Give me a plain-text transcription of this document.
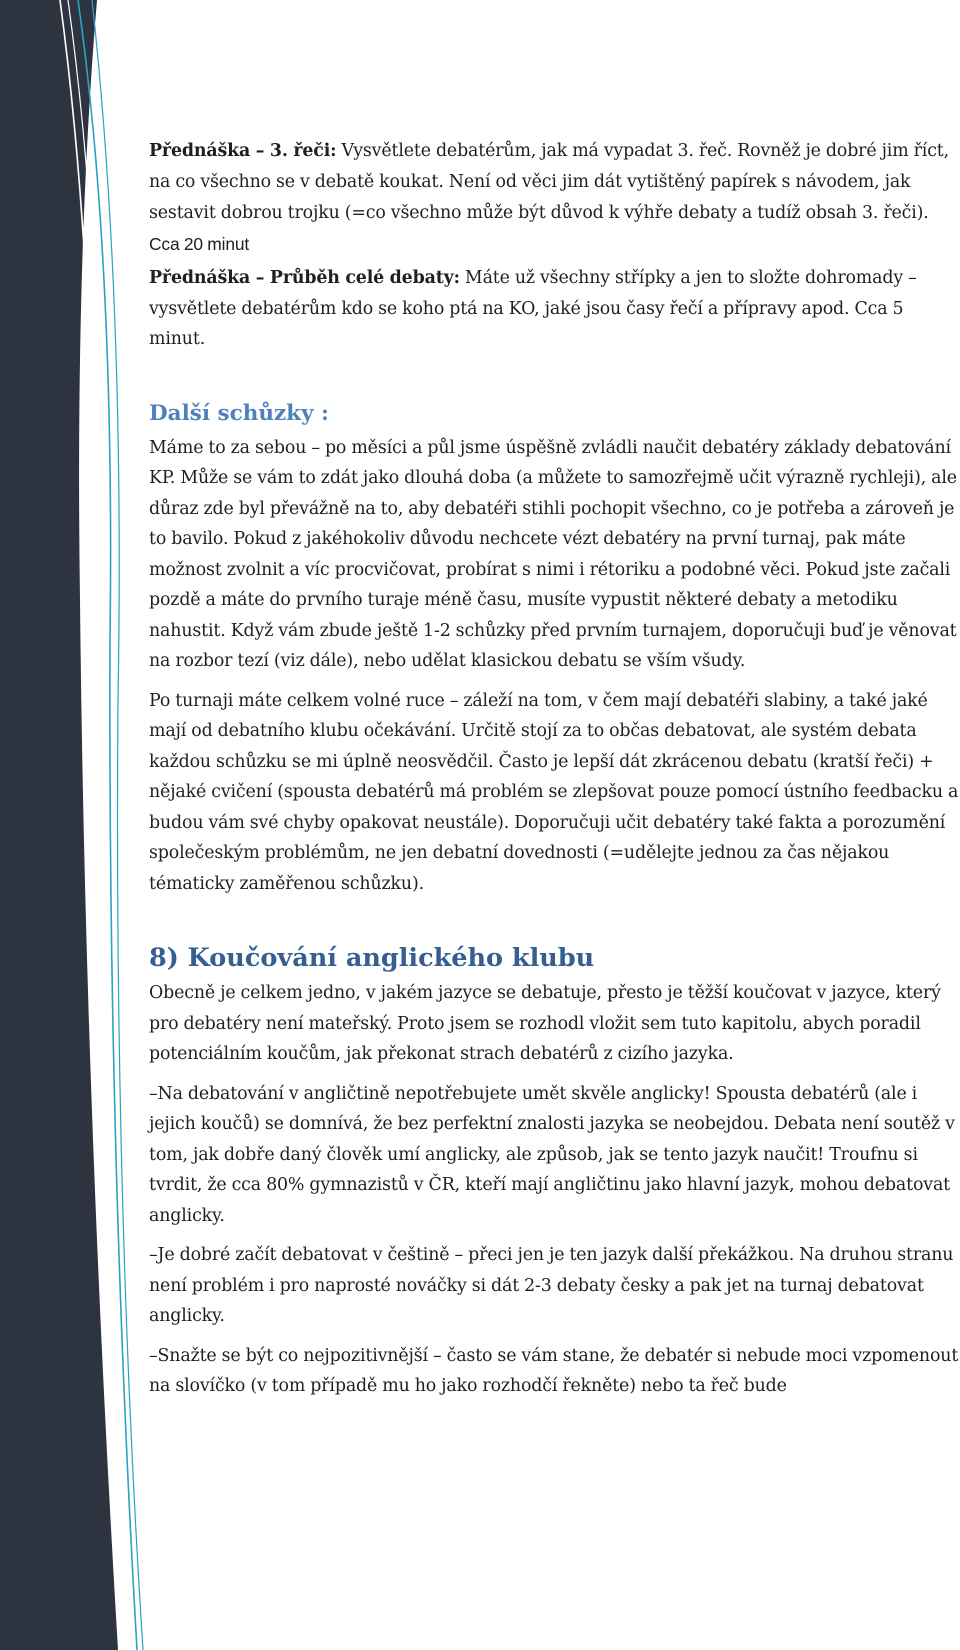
Přednáška – 3. řeči: Vysvětlete debatérům, jak má vypadat 3. řeč. Rovněž je dobré jim říct, na co všechno se v debatě koukat. Není od věci jim dát vytištěný papírek s návodem, jak sestavit dobrou trojku (=co všechno může být důvod k výhře debaty a tudíž obsah 3. řeči). Cca 20 minut

Přednáška – Průběh celé debaty: Máte už všechny střípky a jen to složte dohromady – vysvětlete debatérům kdo se koho ptá na KO, jaké jsou časy řečí a přípravy apod. Cca 5 minut.

Další schůzky :

Máme to za sebou – po měsíci a půl jsme úspěšně zvládli naučit debatéry základy debatování KP. Může se vám to zdát jako dlouhá doba (a můžete to samozřejmě učit výrazně rychleji), ale důraz zde byl převážně na to, aby debatéři stihli pochopit všechno, co je potřeba a zároveň je to bavilo. Pokud z jakéhokoliv důvodu nechcete vézt debatéry na první turnaj, pak máte možnost zvolnit a víc procvičovat, probírat s nimi i rétoriku a podobné věci. Pokud jste začali pozdě a máte do prvního turaje méně času, musíte vypustit některé debaty a metodiku nahustit. Když vám zbude ještě 1-2 schůzky před prvním turnajem, doporučuji buď je věnovat na rozbor tezí (viz dále), nebo udělat klasickou debatu se vším všudy.

Po turnaji máte celkem volné ruce – záleží na tom, v čem mají debatéři slabiny, a také jaké mají od debatního klubu očekávání. Určitě stojí za to občas debatovat, ale systém debata každou schůzku se mi úplně neosvědčil. Často je lepší dát zkrácenou debatu (kratší řeči) + nějaké cvičení (spousta debatérů má problém se zlepšovat pouze pomocí ústního feedbacku a budou vám své chyby opakovat neustále). Doporučuji učit debatéry také fakta a porozumění společeským problémům, ne jen debatní dovednosti (=udělejte jednou za čas nějakou tématicky zaměřenou schůzku).

8) Koučování anglického klubu

Obecně je celkem jedno, v jakém jazyce se debatuje, přesto je těžší koučovat v jazyce, který pro debatéry není mateřský. Proto jsem se rozhodl vložit sem tuto kapitolu, abych poradil potenciálním koučům, jak překonat strach debatérů z cizího jazyka.

–Na debatování v angličtině nepotřebujete umět skvěle anglicky! Spousta debatérů (ale i jejich koučů) se domnívá, že bez perfektní znalosti jazyka se neobejdou. Debata není soutěž v tom, jak dobře daný člověk umí anglicky, ale způsob, jak se tento jazyk naučit! Troufnu si tvrdit, že cca 80% gymnazistů v ČR, kteří mají angličtinu jako hlavní jazyk, mohou debatovat anglicky.

–Je dobré začít debatovat v češtině – přeci jen je ten jazyk další překážkou. Na druhou stranu není problém i pro naprosté nováčky si dát 2-3 debaty česky a pak jet na turnaj debatovat anglicky.

–Snažte se být co nejpozitivnější – často se vám stane, že debatér si nebude moci vzpomenout na slovíčko (v tom případě mu ho jako rozhodčí řekněte) nebo ta řeč bude
